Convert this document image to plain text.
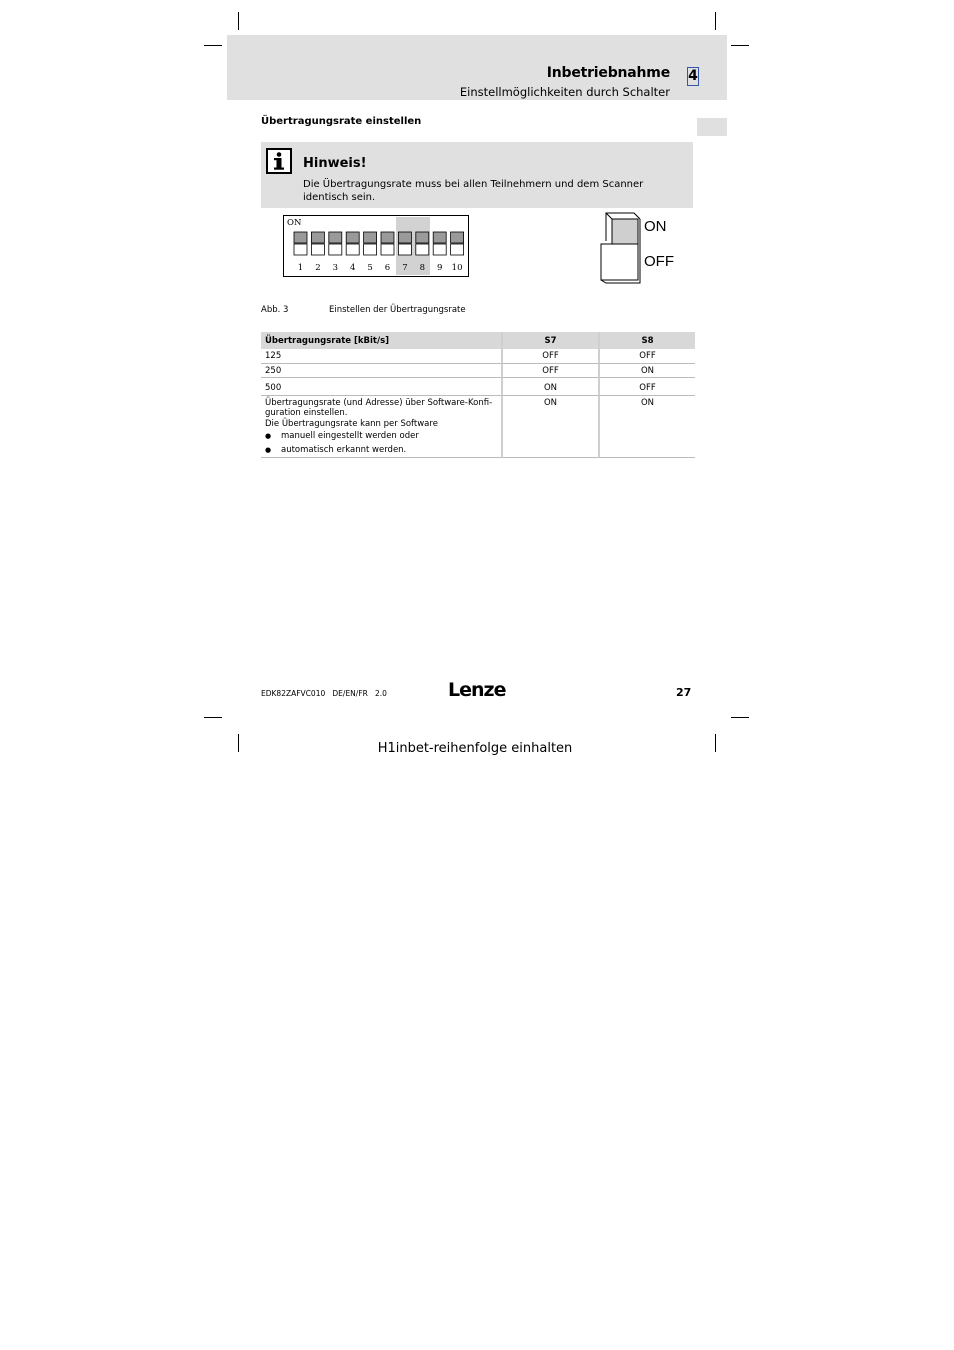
Inbetriebnahme 4
Einstellmöglichkeiten durch Schalter
Übertragungsrate einstellen
Hinweis!
Die Übertragungsrate muss bei allen Teilnehmern und dem Scanner identisch sein.
ON
1 2 3 4 5 6 7 8 9 10
ON
OFF
Abb. 3	Einstellen der Übertragungsrate
Übertragungsrate [kBit/s]	S7	S8
125	OFF	OFF
250	OFF	ON
500	ON	OFF

Übertragungsrate (und Adresse) über Software-Konfi-
guration einstellen.
Die Übertragungsrate kann per Software
● manuell eingestellt werden oder
● automatisch erkannt werden.	ON	ON
EDK82ZAFVC010 DE/EN/FR 2.0	Lenze	27
H1inbet-reihenfolge einhalten
